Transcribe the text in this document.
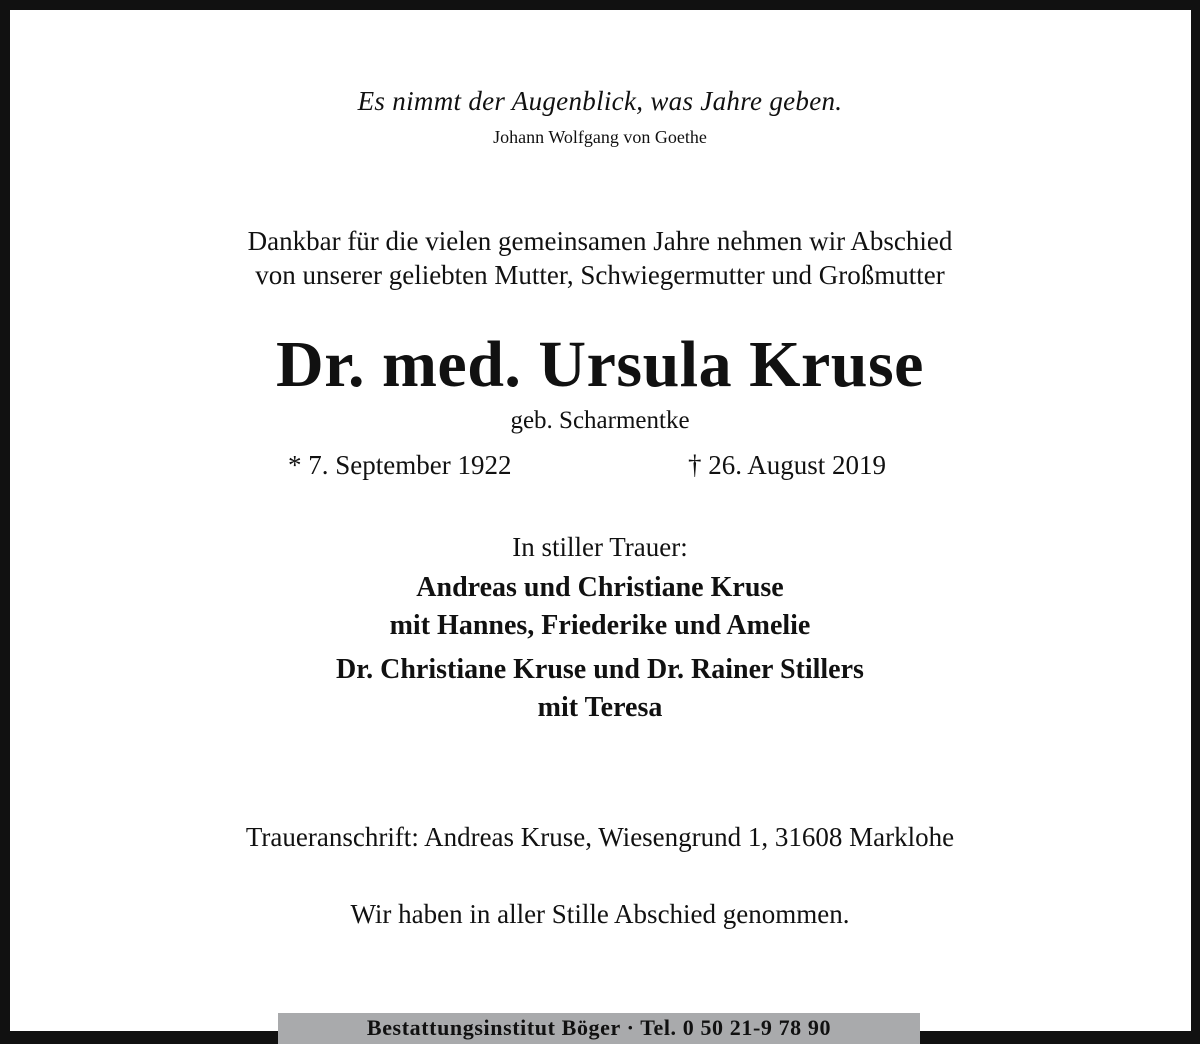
Es nimmt der Augenblick, was Jahre geben.
Johann Wolfgang von Goethe
Dankbar für die vielen gemeinsamen Jahre nehmen wir Abschied
von unserer geliebten Mutter, Schwiegermutter und Großmutter
Dr. med. Ursula Kruse
geb. Scharmentke
* 7. September 1922	† 26. August 2019
In stiller Trauer:
Andreas und Christiane Kruse
mit Hannes, Friederike und Amelie
Dr. Christiane Kruse und Dr. Rainer Stillers
mit Teresa
Traueranschrift: Andreas Kruse, Wiesengrund 1, 31608 Marklohe
Wir haben in aller Stille Abschied genommen.
Bestattungsinstitut Böger · Tel. 0 50 21-9 78 90
